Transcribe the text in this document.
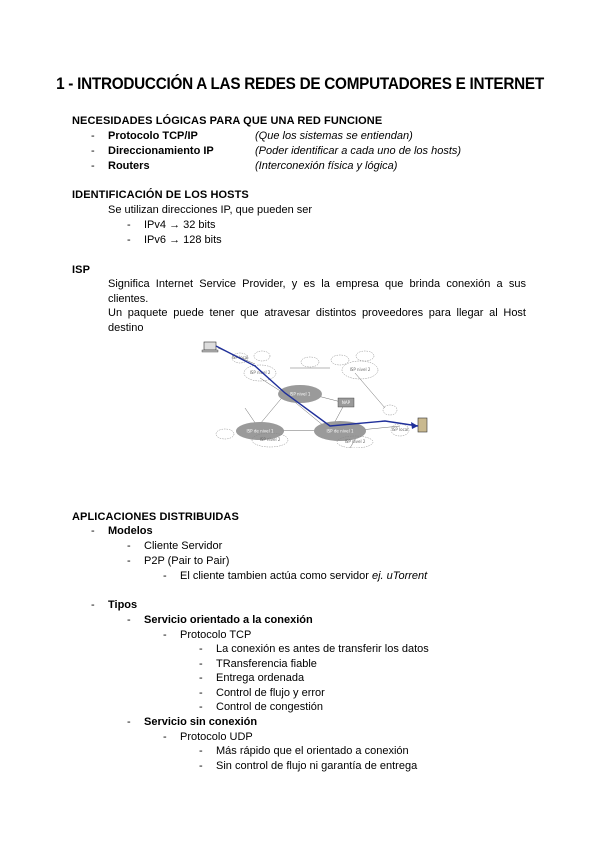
1 - INTRODUCCIÓN A LAS REDES DE COMPUTADORES E INTERNET
NECESIDADES LÓGICAS PARA QUE UNA RED FUNCIONE
- Protocolo TCP/IP	(Que los sistemas se entiendan)
- Direccionamiento IP	(Poder identificar a cada uno de los hosts)
- Routers	(Interconexión física y lógica)
IDENTIFICACIÓN DE LOS HOSTS
Se utilizan direcciones IP, que pueden ser
- IPv4 → 32 bits
- IPv6 → 128 bits
ISP
Significa Internet Service Provider, y es la empresa que brinda conexión a sus clientes.
Un paquete puede tener que atravesar distintos proveedores para llegar al Host destino
ISP nivel 1
ISP de nivel 1	ISP de nivel 1
NAP
ISP nivel 2
ISP nivel 2
ISP nivel 2	ISP nivel 2
ISP local
ISP local
APLICACIONES DISTRIBUIDAS
- Modelos
- Cliente Servidor
- P2P (Pair to Pair)
- El cliente tambien actúa como servidor ej. uTorrent
- Tipos
- Servicio orientado a la conexión
- Protocolo TCP
- La conexión es antes de transferir los datos
- TRansferencia fiable
- Entrega ordenada
- Control de flujo y error
- Control de congestión
- Servicio sin conexión
- Protocolo UDP
- Más rápido que el orientado a conexión
- Sin control de flujo ni garantía de entrega
